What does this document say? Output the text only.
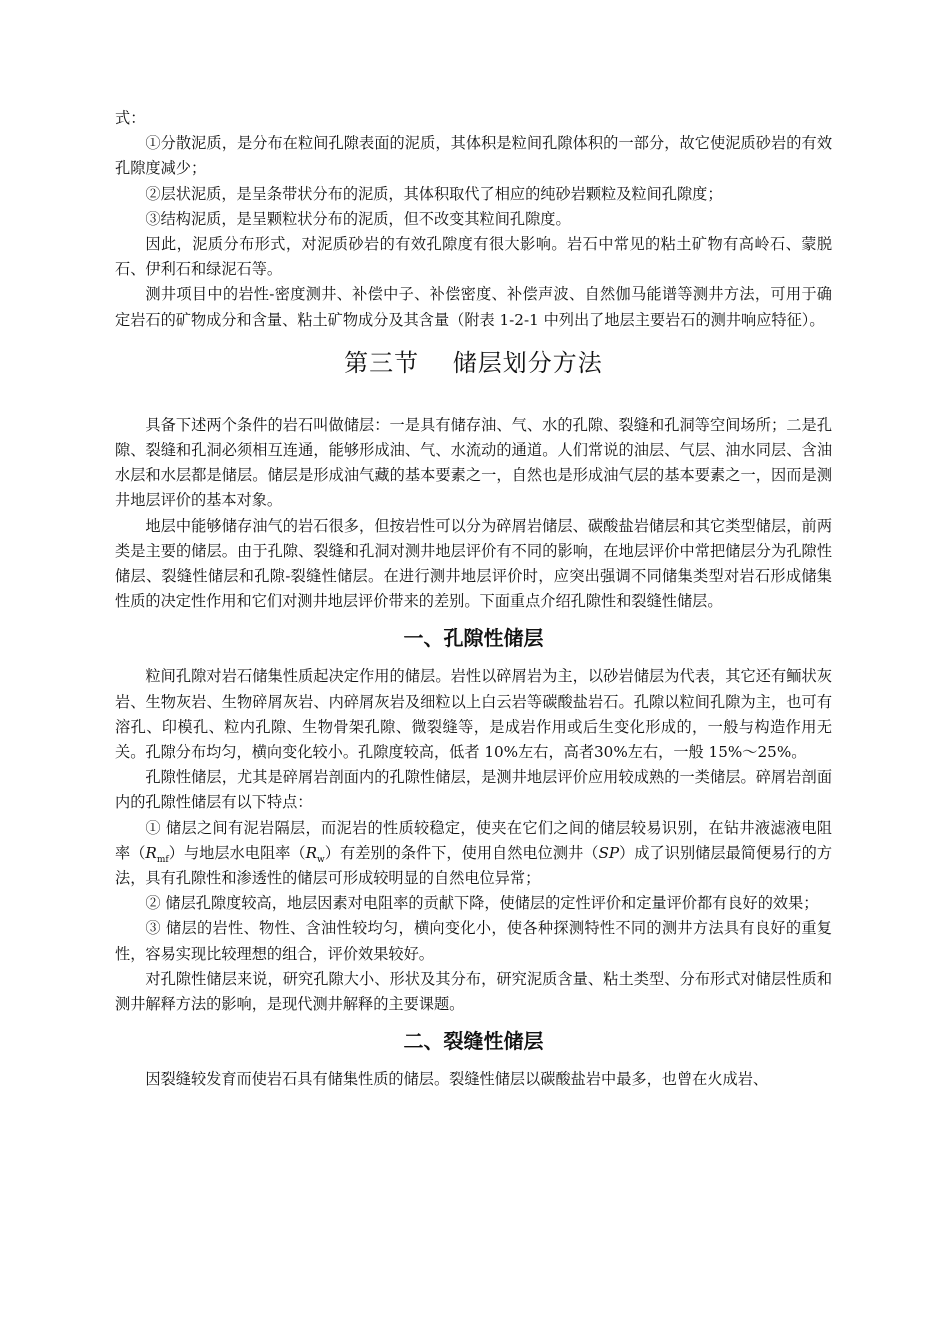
式：

①分散泥质，是分布在粒间孔隙表面的泥质，其体积是粒间孔隙体积的一部分，故它使泥质砂岩的有效孔隙度减少；

②层状泥质，是呈条带状分布的泥质，其体积取代了相应的纯砂岩颗粒及粒间孔隙度；

③结构泥质，是呈颗粒状分布的泥质，但不改变其粒间孔隙度。

因此，泥质分布形式，对泥质砂岩的有效孔隙度有很大影响。岩石中常见的粘土矿物有高岭石、蒙脱石、伊利石和绿泥石等。

测井项目中的岩性-密度测井、补偿中子、补偿密度、补偿声波、自然伽马能谱等测井方法，可用于确定岩石的矿物成分和含量、粘土矿物成分及其含量（附表 1-2-1 中列出了地层主要岩石的测井响应特征）。

第三节　 储层划分方法

具备下述两个条件的岩石叫做储层：一是具有储存油、气、水的孔隙、裂缝和孔洞等空间场所；二是孔隙、裂缝和孔洞必须相互连通，能够形成油、气、水流动的通道。人们常说的油层、气层、油水同层、含油水层和水层都是储层。储层是形成油气藏的基本要素之一，自然也是形成油气层的基本要素之一，因而是测井地层评价的基本对象。

地层中能够储存油气的岩石很多，但按岩性可以分为碎屑岩储层、碳酸盐岩储层和其它类型储层，前两类是主要的储层。由于孔隙、裂缝和孔洞对测井地层评价有不同的影响，在地层评价中常把储层分为孔隙性储层、裂缝性储层和孔隙-裂缝性储层。在进行测井地层评价时，应突出强调不同储集类型对岩石形成储集性质的决定性作用和它们对测井地层评价带来的差别。下面重点介绍孔隙性和裂缝性储层。

一、孔隙性储层

粒间孔隙对岩石储集性质起决定作用的储层。岩性以碎屑岩为主，以砂岩储层为代表，其它还有鲕状灰岩、生物灰岩、生物碎屑灰岩、内碎屑灰岩及细粒以上白云岩等碳酸盐岩石。孔隙以粒间孔隙为主，也可有溶孔、印模孔、粒内孔隙、生物骨架孔隙、微裂缝等，是成岩作用或后生变化形成的，一般与构造作用无关。孔隙分布均匀，横向变化较小。孔隙度较高，低者 10%左右，高者30%左右，一般 15%～25%。

孔隙性储层，尤其是碎屑岩剖面内的孔隙性储层，是测井地层评价应用较成熟的一类储层。碎屑岩剖面内的孔隙性储层有以下特点：

① 储层之间有泥岩隔层，而泥岩的性质较稳定，使夹在它们之间的储层较易识别，在钻井液滤液电阻率$(R_{mf})$与地层水电阻率$(R_w)$有差别的条件下，使用自然电位测井（SP）成了识别储层最简便易行的方法，具有孔隙性和渗透性的储层可形成较明显的自然电位异常；

② 储层孔隙度较高，地层因素对电阻率的贡献下降，使储层的定性评价和定量评价都有良好的效果；

③ 储层的岩性、物性、含油性较均匀，横向变化小，使各种探测特性不同的测井方法具有良好的重复性，容易实现比较理想的组合，评价效果较好。

对孔隙性储层来说，研究孔隙大小、形状及其分布，研究泥质含量、粘土类型、分布形式对储层性质和测井解释方法的影响，是现代测井解释的主要课题。

二、裂缝性储层

因裂缝较发育而使岩石具有储集性质的储层。裂缝性储层以碳酸盐岩中最多，也曾在火成岩、
